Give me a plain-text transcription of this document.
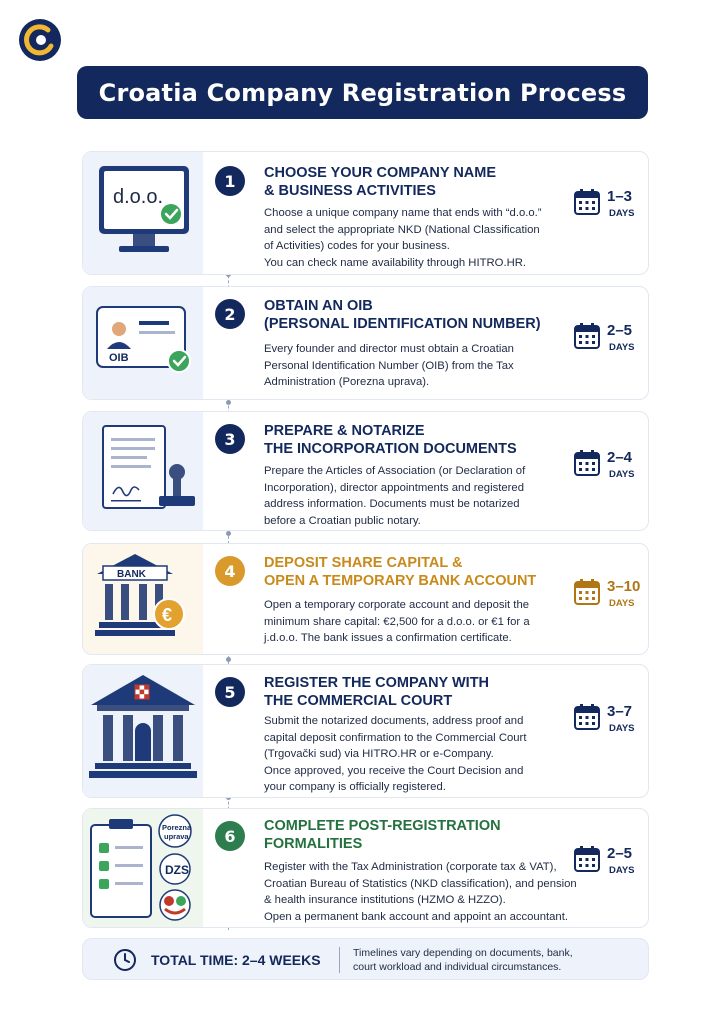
Croatia Company Registration Process
d.o.o.
1	CHOOSE YOUR COMPANY NAME
& BUSINESS ACTIVITIES
Choose a unique company name that ends with “d.o.o.”
and select the appropriate NKD (National Classification
of Activities) codes for your business.
You can check name availability through HITRO.HR.
1–3
DAYS
OIB
2	OBTAIN AN OIB
(PERSONAL IDENTIFICATION NUMBER)
Every founder and director must obtain a Croatian
Personal Identification Number (OIB) from the Tax
Administration (Porezna uprava).
2–5
DAYS
3	PREPARE & NOTARIZE
THE INCORPORATION DOCUMENTS
Prepare the Articles of Association (or Declaration of
Incorporation), director appointments and registered
address information. Documents must be notarized
before a Croatian public notary.
2–4
DAYS
BANK
€
4	DEPOSIT SHARE CAPITAL &
OPEN A TEMPORARY BANK ACCOUNT
Open a temporary corporate account and deposit the
minimum share capital: €2,500 for a d.o.o. or €1 for a
j.d.o.o. The bank issues a confirmation certificate.
3–10
DAYS
5	REGISTER THE COMPANY WITH
THE COMMERCIAL COURT
Submit the notarized documents, address proof and
capital deposit confirmation to the Commercial Court
(Trgovački sud) via HITRO.HR or e-Company.
Once approved, you receive the Court Decision and
your company is officially registered.
3–7
DAYS
Porezna
uprava
DZS
6
COMPLETE POST-REGISTRATION
FORMALITIES
Register with the Tax Administration (corporate tax & VAT),
Croatian Bureau of Statistics (NKD classification), and pension
& health insurance institutions (HZMO & HZZO).
Open a permanent bank account and appoint an accountant.
2–5
DAYS
TOTAL TIME: 2–4 WEEKS	Timelines vary depending on documents, bank,
court workload and individual circumstances.
